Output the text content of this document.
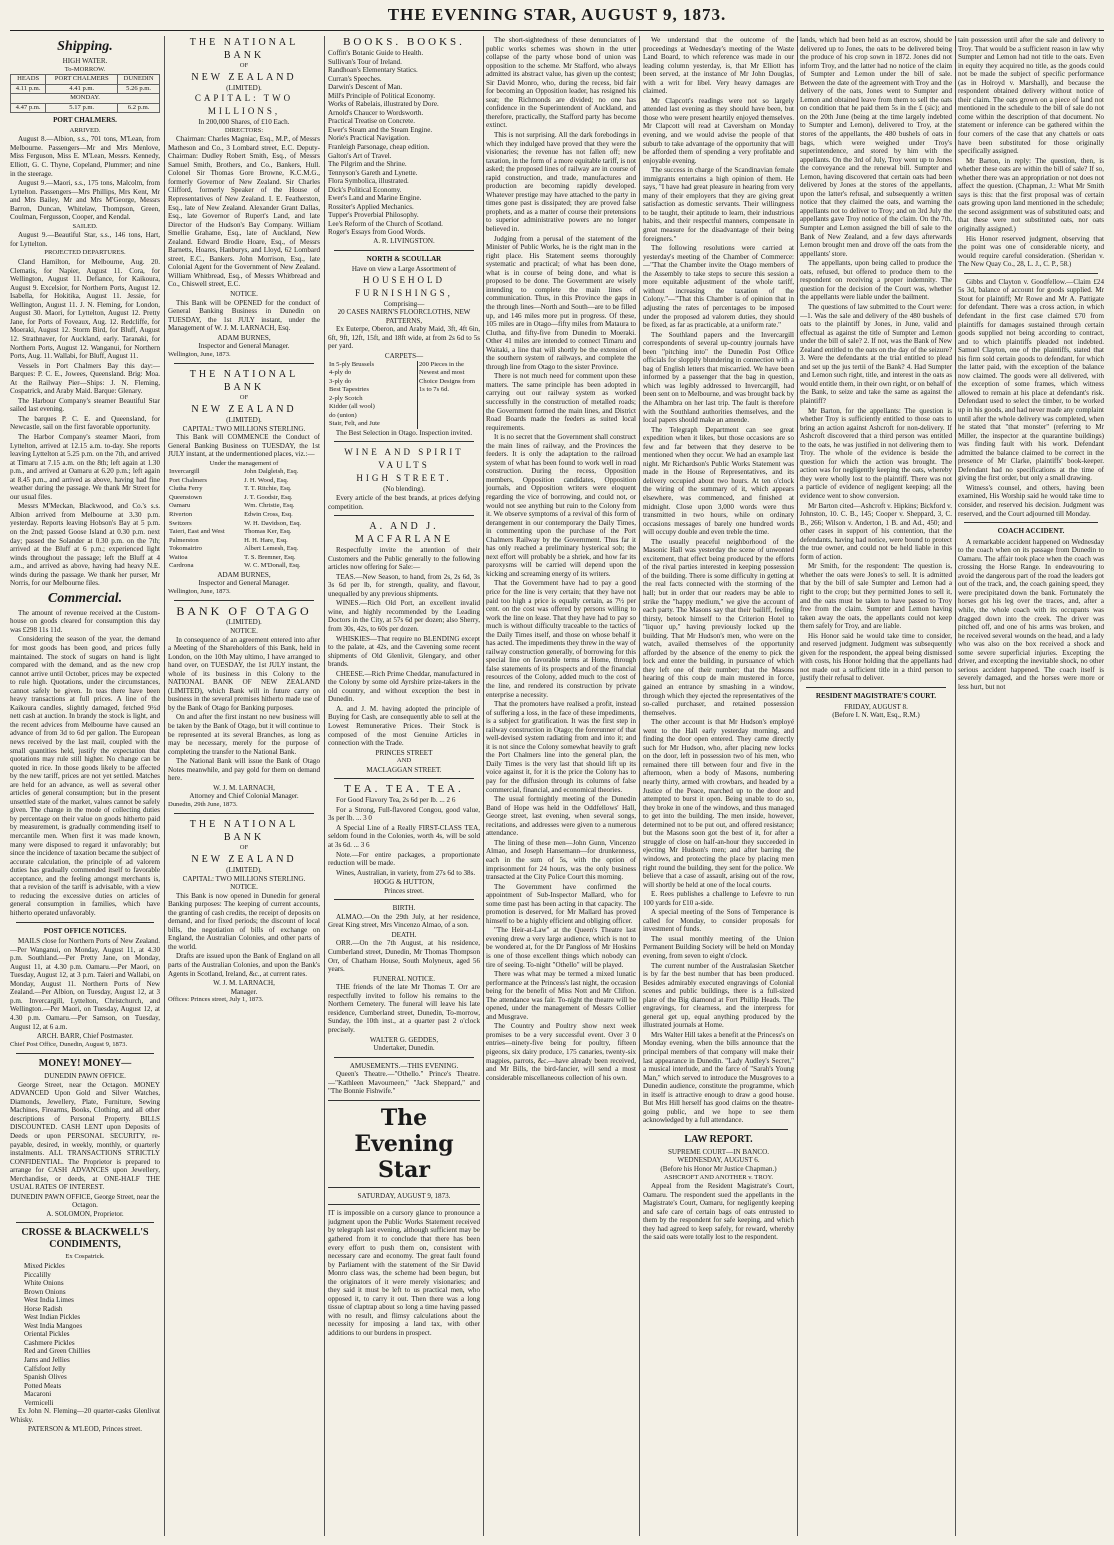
THE EVENING STAR, AUGUST 9, 1873.
Shipping.
HIGH WATER.
To-MORROW.
HEADS	PORT CHALMERS	DUNEDIN
4.11 p.m.	4.41 p.m.	5.26 p.m.
MONDAY.		
4.47 p.m.	5.17 p.m.	6.2 p.m.
PORT CHALMERS.
ARRIVED.

August 8.—Albion, s.s., 701 tons, M'Lean, from Melbourne. Passengers—Mr and Mrs Menlove, Miss Ferguson, Miss E. M'Lean, Messrs. Kennedy, Elliott, G. C. Thyne, Copeland, Plummer; and nine in the steerage.

August 9.—Maori, s.s., 175 tons, Malcolm, from Lyttelton. Passengers—Mrs Phillips, Mrs Kent, Mr and Mrs Bailey, Mr and Mrs M'George, Messrs Barron, Duncan, Whitelaw, Thompson, Green, Coulman, Fergusson, Cooper, and Kendal.

SAILED.

August 9.—Beautiful Star, s.s., 146 tons, Hart, for Lyttelton.

PROJECTED DEPARTURES.

Cland Hamilton, for Melbourne, Aug. 20. Clematis, for Napier, August 11. Cora, for Wellington, August 11. Defiance, for Kaikoura, August 9. Excelsior, for Northern Ports, August 12. Isabella, for Hokitika, August 11. Jessie, for Wellington, August 11. J. N. Fleming, for London, August 30. Maori, for Lyttelton, August 12. Pretty Jane, for Ports of Foveaux, Aug. 12. Redcliffe, for Moeraki, August 12. Storm Bird, for Bluff, August 12. Strathnaver, for Auckland, early. Taranaki, for Northern Ports, August 12. Wanganui, for Northern Ports, Aug. 11. Wallabi, for Bluff, August 11.

Vessels in Port Chalmers Bay this day:—Barques: P. C. E., Jowees, Queensland. Brig: Moa. At the Railway Pier—Ships: J. N. Fleming, Cospatrick, and Araby Maid. Barque: Glenary.

The Harbour Company's steamer Beautiful Star sailed last evening.

The barques P. C. E. and Queensland, for Newcastle, sail on the first favorable opportunity.

The Harbor Company's steamer Maori, from Lyttelton, arrived at 12.15 a.m. to-day. She reports leaving Lyttelton at 5.25 p.m. on the 7th, and arrived at Timaru at 7.15 a.m. on the 8th; left again at 1.30 p.m., and arrived at Oamaru at 6.20 p.m.; left again at 8.45 p.m., and arrived as above, having had fine weather during the passage. We thank Mr Street for our usual files.

Messrs M'Meckan, Blackwood, and Co.'s s.s. Albion arrived from Melbourne at 3.30 p.m. yesterday. Reports leaving Hobson's Bay at 5 p.m. on the 2nd; passed Goose Island at 0.30 p.m. next day; passed the Solander at 0.30 p.m. on the 7th; arrived at the Bluff at 6 p.m.; experienced light winds throughout the passage; left the Bluff at 4 a.m., and arrived as above, having had heavy N.E. winds during the passage. We thank her purser, Mr Norris, for our Melbourne files.

Commercial.

The amount of revenue received at the Custom-house on goods cleared for consumption this day was £298 11s 11d.

Considering the season of the year, the demand for most goods has been good, and prices fully maintained. The stock of sugars on hand is light compared with the demand, and as the new crop cannot arrive until October, prices may be expected to rule high. Quotations, under the circumstances, cannot safely be given. In teas there have been heavy transactions at full prices. A line of the Kaikoura candles, slightly damaged, fetched 9½d nett cash at auction. In brandy the stock is light, and the recent advices from Melbourne have caused an advance of from 3d to 6d per gallon. The European news received by the last mail, coupled with the small quantities held, justify the expectation that quotations may rule still higher. No change can be quoted in rice. In those goods likely to be affected by the new tariff, prices are not yet settled. Matches are held for an advance, as well as several other articles of general consumption; but in the present unsettled state of the market, values cannot be safely given. The change in the mode of collecting duties by percentage on their value on goods hitherto paid by measurement, is gradually commending itself to mercantile men. When first it was made known, many were disposed to regard it unfavorably; but since the incidence of taxation became the subject of accurate calculation, the principle of ad valorem duties has gradually commended itself to favorable acceptance, and the feeling amongst merchants is, that a revision of the tariff is advisable, with a view to reducing the excessive duties on articles of general consumption in families, which have hitherto operated unfavorably.

POST OFFICE NOTICES.

MAILS close for Northern Ports of New Zealand.—Per Wanganui, on Monday, August 11, at 4.30 p.m. Southland.—Per Pretty Jane, on Monday, August 11, at 4.30 p.m. Oamaru.—Per Maori, on Tuesday, August 12, at 3 p.m. Taieri and Wallabi, on Monday, August 11. Northern Ports of New Zealand.—Per Albion, on Tuesday, August 12, at 3 p.m. Invercargill, Lyttelton, Christchurch, and Wellington.—Per Maori, on Tuesday, August 12, at 4.30 p.m. Oamaru.—Per Samson, on Tuesday, August 12, at 6 a.m.

ARCH. BARR, Chief Postmaster.
Chief Post Office, Dunedin, August 9, 1873.
MONEY! MONEY—
DUNEDIN PAWN OFFICE.

George Street, near the Octagon. MONEY ADVANCED Upon Gold and Silver Watches, Diamonds, Jewellery, Plate, Furniture, Sewing Machines, Firearms, Books, Clothing, and all other descriptions of Personal Property. BILLS DISCOUNTED. CASH LENT upon Deposits of Deeds or upon PERSONAL SECURITY, re-payable, desired, in weekly, monthly, or quarterly instalments. ALL TRANSACTIONS STRICTLY CONFIDENTIAL. The Proprietor is prepared to arrange for CASH ADVANCES upon Jewellery, Merchandise, or deeds, at ONE-HALF THE USUAL RATES OF INTEREST.

DUNEDIN PAWN OFFICE, George Street, near the Octagon.
A. SOLOMON, Proprietor.
CROSSE & BLACKWELL'S CONDIMENTS,
Ex Cospatrick.
Mixed Pickles
Piccalilly
White Onions
Brown Onions
West India Limes
Horse Radish
West Indian Pickles
West India Mangoes
Oriental Pickles
Cashmere Pickles
Red and Green Chillies
Jams and Jellies
Calfsfoot Jelly
Spanish Olives
Potted Meats
Macaroni
Vermicelli

Ex John N. Fleming—20 quarter-casks Glenlivat Whisky.

PATERSON & M'LEOD, Princes street.
THE NATIONAL BANK
OF
NEW ZEALAND
(LIMITED).
CAPITAL: TWO MILLIONS,
In 200,000 Shares, of £10 Each.
DIRECTORS:

Chairman: Charles Magniac, Esq., M.P., of Messrs Matheson and Co., 3 Lombard street, E.C. Deputy-Chairman: Dudley Robert Smith, Esq., of Messrs Samuel Smith, Brothers, and Co., Bankers, Hull. Colonel Sir Thomas Gore Browne, K.C.M.G., formerly Governor of New Zealand. Sir Charles Clifford, formerly Speaker of the House of Representatives of New Zealand. I. E. Featherston, Esq., late of New Zealand. Alexander Grant Dallas, Esq., late Governor of Rupert's Land, and late Director of the Hudson's Bay Company. William Smellie Grahame, Esq., late of Auckland, New Zealand. Edward Brodie Hoare, Esq., of Messrs Barnetts, Hoares, Hanburys, and Lloyd, 62 Lombard street, E.C., Bankers. John Morrison, Esq., late Colonial Agent for the Government of New Zealand. William Whitbread, Esq., of Messrs Whitbread and Co., Chiswell street, E.C.

NOTICE.

This Bank will be OPENED for the conduct of General Banking Business in Dunedin on TUESDAY, the 1st JULY instant, under the Management of W. J. M. LARNACH, Esq.

ADAM BURNES,
Inspector and General Manager.
Wellington, June, 1873.
THE NATIONAL BANK
OF
NEW ZEALAND
(LIMITED).
CAPITAL: TWO MILLIONS STERLING.

This Bank will COMMENCE the Conduct of General Banking Business on TUESDAY, the 1st JULY instant, at the undermentioned places, viz.:—

Under the management of
Invercargill	John Dalgleish, Esq.
Port Chalmers	J. H. Wood, Esq.
Clutha Ferry	T. T. Ritchie, Esq.
Queenstown	J. T. Goodsir, Esq.
Oamaru	Wm. Christie, Esq.
Riverton	Edwin Cross, Esq.
Switzers	W. H. Davidson, Esq.
Taieri, East and West	Thomas Ker, Esq.
Palmerston	H. H. Hare, Esq.
Tokomairiro	Albert Lemesh, Esq.
Waitoa	T. S. Bremner, Esq.
Cardrona	W. C. M'Donall, Esq.
ADAM BURNES,
Inspector and General Manager.
Wellington, June, 1873.
BANK OF OTAGO
(LIMITED).
NOTICE.

In consequence of an agreement entered into after a Meeting of the Shareholders of this Bank, held in London, on the 10th May ultimo, I have arranged to hand over, on TUESDAY, the 1st JULY instant, the whole of its business in this Colony to the NATIONAL BANK OF NEW ZEALAND (LIMITED), which Bank will in future carry on business in the several premises hitherto made use of by the Bank of Otago for Banking purposes.

On and after the first instant no new business will be taken by the Bank of Otago, but it will continue to be represented at its several Branches, as long as may be necessary, merely for the purpose of completing the transfer to the National Bank.

The National Bank will issue the Bank of Otago Notes meanwhile, and pay gold for them on demand here.

W. J. M. LARNACH,
Attorney and Chief Colonial Manager.
Dunedin, 29th June, 1873.
THE NATIONAL BANK
OF
NEW ZEALAND
(LIMITED).
CAPITAL: TWO MILLIONS STERLING.
NOTICE.

This Bank is now opened in Dunedin for general Banking purposes: The keeping of current accounts, the granting of cash credits, the receipt of deposits on demand, and for fixed periods; the discount of local bills, the negotiation of bills of exchange on England, the Australian Colonies, and other parts of the world.

Drafts are issued upon the Bank of England on all parts of the Australian Colonies, and upon the Bank's Agents in Scotland, Ireland, &c., at current rates.

W. J. M. LARNACH,
Manager.
Offices: Princes street, July 1, 1873.
BOOKS. BOOKS.
Coffin's Botanic Guide to Health.
Sullivan's Tour of Ireland.
Randhoan's Elementary Statics.
Curran's Speeches.
Darwin's Descent of Man.
Mill's Principle of Political Economy.
Works of Rabelais, illustrated by Dore.
Arnold's Chaucer to Wordsworth.
Practical Treatise on Concrete.
Ewer's Steam and the Steam Engine.
Norie's Practical Navigation.
Franleigh Parsonage, cheap edition.
Galton's Art of Travel.
The Pilgrim and the Shrine.
Tennyson's Gareth and Lynette.
Flora Symbolica, illustrated.
Dick's Political Economy.
Ewer's Land and Marine Engine.
Rossiter's Applied Mechanics.
Tupper's Proverbial Philosophy.
Lee's Reform of the Church of Scotland.
Roger's Essays from Good Words.
A. R. LIVINGSTON.
NORTH & SCOULLAR
Have on view a Large Assortment of
HOUSEHOLD FURNISHINGS,
Comprising—
20 CASES NAIRN'S FLOORCLOTHS, NEW PATTERNS,

Ex Euterpe, Oberon, and Araby Maid, 3ft, 4ft 6in, 6ft, 9ft, 12ft, 15ft, and 18ft wide, at from 2s 6d to 5s per yard.

CARPETS—
In 5-ply Brussels
4-ply do
3-ply do
Best Tapestries
2-ply Scotch
Kidder (all wool)
do (union)
Stair, Felt, and Jute
	200 Pieces in the Newest and most Choice Designs from 1s to 7s 6d.
The Best Selection in Otago. Inspection invited.
WINE AND SPIRIT VAULTS
HIGH STREET.
(No blending).

Every article of the best brands, at prices defying competition.

A. AND J. MACFARLANE

Respectfully invite the attention of their Customers and the Public generally to the following articles now offering for Sale:—

TEAS.—New Season, to hand, from 2s, 2s 6d, 3s 3s 6d per lb, for strength, quality, and flavour, unequalled by any previous shipments.

WINES.—Rich Old Port, an excellent invalid wine, and highly recommended by the Leading Doctors in the City, at 57s 6d per dozen; also Sherry, from 30s, 42s, to 60s per dozen.

WHISKIES—That require no BLENDING except to the palate, at 42s, and the Cavening some recent shipments of Old Glenlivit, Glengary, and other brands.

CHEESE.—Rich Prime Cheddar, manufactured in the Colony by some old Ayrshire prize-takers in the old country, and without exception the best in Dunedin.

A. and J. M. having adopted the principle of Buying for Cash, are consequently able to sell at the Lowest Remunerative Prices. Their Stock is composed of the most Genuine Articles in connection with the Trade.

PRINCES STREET
AND
MACLAGGAN STREET.
TEA. TEA. TEA.

For Good Flavory Tea, 2s 6d per lb. ... 2 6

For a Strong, Full-flavored Congou, good value, 3s per lb. ... 3 0

A Special Line of a Really FIRST-CLASS TEA, seldom found in the Colonies, worth 4s, will be sold at 3s 6d. ... 3 6

Note.—For entire packages, a proportionate reduction will be made.

Wines, Australian, in variety, from 27s 6d to 38s.

HOGG & HUTTON,
Princes street.
BIRTH.

ALMAO.—On the 29th July, at her residence, Great King street, Mrs Vincenzo Almao, of a son.

DEATH.

ORR.—On the 7th August, at his residence, Cumberland street, Dunedin, Mr Thomas Thompson Orr, of Chatham House, South Molyneux, aged 56 years.

FUNERAL NOTICE.

THE friends of the late Mr Thomas T. Orr are respectfully invited to follow his remains to the Northern Cemetery. The funeral will leave his late residence, Cumberland street, Dunedin, To-morrow, Sunday, the 10th inst., at a quarter past 2 o'clock precisely.

WALTER G. GEDDES,
Undertaker, Dunedin.
AMUSEMENTS.—THIS EVENING.

Queen's Theatre.—"Othello." Prince's Theatre.—"Kathleen Mavourneen," "Jack Sheppard," and "The Bonnie Fishwife."

The Evening Star
SATURDAY, AUGUST 9, 1873.

IT is impossible on a cursory glance to pronounce a judgment upon the Public Works Statement received by telegraph last evening, although sufficient may be gathered from it to conclude that there has been every effort to push them on, consistent with necessary care and economy. The great fault found by Parliament with the statement of the Sir David Monro class was, the scheme had been begun, but the originators of it were merely visionaries; and they said it must be left to us practical men, who opposed it, to carry it out. Then there was a long tissue of claptrap about so long a time having passed with no result, and flimsy calculations about the necessity for imposing a land tax, with other additions to our burdens in prospect.

The short-sightedness of these denunciators of public works schemes was shown in the utter collapse of the party whose bond of union was opposition to the scheme. Mr Stafford, who always admitted its abstract value, has given up the contest; Sir David Monro, who, during the recess, bid fair for becoming an Opposition leader, has resigned his seat; the Richmonds are divided; no one has confidence in the Superintendent of Auckland, and therefore, practically, the Stafford party has become extinct.

This is not surprising. All the dark forebodings in which they indulged have proved that they were the visionaries; the revenue has not fallen off; new taxation, in the form of a more equitable tariff, is not asked; the proposed lines of railway are in course of rapid construction, and trade, manufactures and production are becoming rapidly developed. Whatever prestige may have attached to the party in times gone past is dissipated; they are proved false prophets, and as a matter of course their pretensions to superior administrative powers are no longer believed in.

Judging from a perusal of the statement of the Minister of Public Works, he is the right man in the right place. His Statement seems thoroughly systematic and practical; of what has been done, what is in course of being done, and what is proposed to be done. The Government are wisely intending to complete the main lines of communication. Thus, in this Province the gaps in the through lines—North and South—are to be filled up, and 146 miles more put in progress. Of these, 105 miles are in Otago—fifty miles from Mataura to Clutha, and fifty-five from Dunedin to Moeraki. Other 41 miles are intended to connect Timaru and Waitaki, a line that will shortly be the extension of the southern system of railways, and complete the through line from Otago to the sister Province.

There is not much need for comment upon these matters. The same principle has been adopted in carrying out our railway system as worked successfully in the construction of metalled roads; the Government formed the main lines, and District Road Boards made the feeders as suited local requirements.

It is no secret that the Government shall construct the main lines of railway, and the Provinces the feeders. It is only the adaptation to the railroad system of what has been found to work well in road construction. During the recess, Opposition members, Opposition candidates, Opposition journals, and Opposition writers were eloquent regarding the vice of borrowing, and could not, or would not see anything but ruin to the Colony from it. We observe symptoms of a revival of this form of derangement in our contemporary the Daily Times, in commenting upon the purchase of the Port Chalmers Railway by the Government. Thus far it has only reached a preliminary hysterical sob; the next effort will probably be a shriek, and how far its paroxysms will be carried will depend upon the kicking and screaming energy of its writers.

That the Government have had to pay a good price for the line is very certain; that they have not paid too high a price is equally certain, as 7½ per cent. on the cost was offered by persons willing to work the line on lease. That they have had to pay so much is without difficulty traceable to the tactics of the Daily Times itself, and those on whose behalf it has acted. The impediments they threw in the way of railway construction generally, of borrowing for this special line on favorable terms at Home, through false statements of its prospects and of the financial resources of the Colony, added much to the cost of the line, and rendered its construction by private enterprise a necessity.

That the promoters have realised a profit, instead of suffering a loss, in the face of these impediments, is a subject for gratification. It was the first step in railway construction in Otago; the forerunner of that well-devised system radiating from and into it; and it is not since the Colony somewhat heavily to graft the Port Chalmers line into the general plan, the Daily Times is the very last that should lift up its voice against it, for it is the price the Colony has to pay for the diffusion through its columns of false commercial, financial, and economical theories.

The usual fortnightly meeting of the Dunedin Band of Hope was held in the Oddfellows' Hall, George street, last evening, when several songs, recitations, and addresses were given to a numerous attendance.

The lining of these men—John Gunn, Vincenzo Almao, and Joseph Hansemann—for drunkenness, each in the sum of 5s, with the option of imprisonment for 24 hours, was the only business transacted at the City Police Court this morning.

The Government have confirmed the appointment of Sub-Inspector Mallard, who for some time past has been acting in that capacity. The promotion is deserved, for Mr Mallard has proved himself to be a highly efficient and obliging officer.

"The Heir-at-Law" at the Queen's Theatre last evening drew a very large audience, which is not to be wondered at, for the Dr Pangloss of Mr Hoskins is one of those excellent things which nobody can tire of seeing. To-night "Othello" will be played.

There was what may be termed a mixed lunatic performance at the Princess's last night, the occasion being for the benefit of Miss Nott and Mr Clifton. The attendance was fair. To-night the theatre will be opened, under the management of Messrs Collier and Musgrave.

The Country and Poultry show next week promises to be a very successful event. Over 3 0 entries—ninety-five being for poultry, fifteen pigeons, six dairy produce, 175 canaries, twenty-six magpies, parrots, &c.—have already been received, and Mr Bills, the bird-fancier, will send a most considerable miscellaneous collection of his own.

We understand that the outcome of the proceedings at Wednesday's meeting of the Waste Land Board, to which reference was made in our leading column yesterday, is, that Mr Elliott has been served, at the instance of Mr John Douglas, with a writ for libel. Very heavy damages are claimed.

Mr Clapcott's readings were not so largely attended last evening as they should have been, but those who were present heartily enjoyed themselves. Mr Clapcott will read at Caversham on Monday evening, and we would advise the people of that suburb to take advantage of the opportunity that will be afforded them of spending a very profitable and enjoyable evening.

The success in charge of the Scandinavian female immigrants entertains a high opinion of them. He says, "I have had great pleasure in hearing from very many of their employers that they are giving great satisfaction as domestic servants. Their willingness to be taught, their aptitude to learn, their industrious habits, and their respectful manners, compensate in great measure for the disadvantage of their being foreigners."

The following resolutions were carried at yesterday's meeting of the Chamber of Commerce:—"That the Chamber invite the Otago members of the Assembly to take steps to secure this session a more equitable adjustment of the whole tariff, without increasing the taxation of the Colony."—"That this Chamber is of opinion that in adjusting the rates of percentages to be imposed under the proposed ad valorem duties, they should be fixed, as far as practicable, at a uniform rate."

The Southland papers and the Invercargill correspondents of several up-country journals have been "pitching into" the Dunedin Post Office officials for sloppily blundering in connection with a bag of English letters that miscarried. We have been informed by a passenger that the bag in question, which was legibly addressed to Invercargill, had been sent on to Melbourne, and was brought back by the Alhambra on her last trip. The fault is therefore with the Southland authorities themselves, and the local papers should make an amende.

The Telegraph Department can see great expedition when it likes, but those occasions are so few and far between that they deserve to be mentioned when they occur. We had an example last night. Mr Richardson's Public Works Statement was made in the House of Representatives, and its delivery occupied about two hours. At ten o'clock the wiring of the summary of it, which appears elsewhere, was commenced, and finished at midnight. Close upon 3,000 words were thus transmitted in two hours, while on ordinary occasions messages of barely one hundred words will occupy double and even treble the time.

The usually peaceful neighborhood of the Masonic Hall was yesterday the scene of unwonted excitement, that effect being produced by the efforts of the rival parties interested in keeping possession of the building. There is some difficulty in getting at the real facts connected with the storming of the hall; but in order that our readers may be able to strike the "happy medium," we give the account of each party. The Masons say that their bailiff, feeling thirsty, betook himself to the Criterion Hotel to "liquor up," having previously locked up the building. That Mr Hudson's men, who were on the watch, availed themselves of the opportunity afforded by the absence of the enemy to pick the lock and enter the building, in pursuance of which they left one of their number; that the Masons hearing of this coup de main mustered in force, gained an entrance by smashing in a window, through which they ejected the representatives of the so-called purchaser, and retained possession themselves.

The other account is that Mr Hudson's employé went to the Hall early yesterday morning, and finding the door open entered. They came directly such for Mr Hudson, who, after placing new locks on the door, left in possession two of his men, who remained there till between four and five in the afternoon, when a body of Masons, numbering nearly thirty, armed with crowbars, and headed by a Justice of the Peace, marched up to the door and attempted to burst it open. Being unable to do so, they broke in one of the windows, and thus managed to get into the building. The men inside, however, determined not to be put out, and offered resistance; but the Masons soon got the best of it, for after a struggle of close on half-an-hour they succeeded in ejecting Mr Hudson's men; and after barring the windows, and protecting the place by placing men right round the building, they sent for the police. We believe that a case of assault, arising out of the row, will shortly be held at one of the local courts.

E. Rees publishes a challenge to Lefevre to run 100 yards for £10 a-side.

A special meeting of the Sons of Temperance is called for Monday, to consider proposals for investment of funds.

The usual monthly meeting of the Union Permanent Building Society will be held on Monday evening, from seven to eight o'clock.

The current number of the Australasian Sketcher is by far the best number that has been produced. Besides admirably executed engravings of Colonial scenes and public buildings, there is a full-sized plate of the Big diamond at Fort Phillip Heads. The engravings, for clearness, and the interpress for general get up, equal anything produced by the illustrated journals at Home.

Mrs Walter Hill takes a benefit at the Princess's on Monday evening, when the bills announce that the principal members of that company will make their last appearance in Dunedin. "Lady Audley's Secret," a musical interlude, and the farce of "Sarah's Young Man," which served to introduce the Musgroves to a Dunedin audience, constitute the programme, which in itself is attractive enough to draw a good house. But Mrs Hill herself has good claims on the theatre-going public, and we hope to see them acknowledged by a full attendance.

LAW REPORT.
SUPREME COURT—IN BANCO.
WEDNESDAY, AUGUST 6.
(Before his Honor Mr Justice Chapman.)
ASHCROFT AND ANOTHER v. TROY.

Appeal from the Resident Magistrate's Court, Oamaru. The respondent sued the appellants in the Magistrate's Court, Oamaru, for negligently keeping and safe care of certain bags of oats entrusted to them by the respondent for safe keeping, and which they had agreed to keep safely, for reward, whereby the said oats were totally lost to the respondent.

lands, which had been held as an escrow, should be delivered up to Jones, the oats to be delivered being the produce of his crop sown in 1872. Jones did not inform Troy, and the latter had no notice of the claim of Sumpter and Lemon under the bill of sale. Between the date of the agreement with Troy and the delivery of the oats, Jones went to Sumpter and Lemon and obtained leave from them to sell the oats on condition that he paid them 5s in the £ (sic); and on the 20th June (being at the time largely indebted to Sumpter and Lemon), delivered to Troy, at the stores of the appellants, the 480 bushels of oats in bags, which were weighed under Troy's superintendence, and stored by him with the appellants. On the 3rd of July, Troy went up to Jones the conveyance and the renewal bill. Sumpter and Lemon, having discovered that certain oats had been delivered by Jones at the stores of the appellants, upon the latter's refusal, and subsequently a written notice that they claimed the oats, and warning the appellants not to deliver to Troy; and on 3rd July the appellants gave Troy notice of the claim. On the 7th, Sumpter and Lemon assigned the bill of sale to the Bank of New Zealand, and a few days afterwards Lemon brought men and drove off the oats from the appellants' store.

The appellants, upon being called to produce the oats, refused, but offered to produce them to the respondent on receiving a proper indemnity. The question for the decision of the Court was, whether the appellants were liable under the bailment.

The questions of law submitted to the Court were:—1. Was the sale and delivery of the 480 bushels of oats to the plaintiff by Jones, in June, valid and effectual as against the title of Sumpter and Lemon under the bill of sale? 2. If not, was the Bank of New Zealand entitled to the oats on the day of the seizure? 3. Were the defendants at the trial entitled to plead and set up the jus tertii of the Bank? 4. Had Sumpter and Lemon such right, title, and interest in the oats as would entitle them, in their own right, or on behalf of the Bank, to seize and take the same as against the plaintiff?

Mr Barton, for the appellants: The question is whether Troy is sufficiently entitled to those oats to bring an action against Ashcroft for non-delivery. If Ashcroft discovered that a third person was entitled to the oats, he was justified in not delivering them to Troy. The whole of the evidence is beside the question for which the action was brought. The action was for negligently keeping the oats, whereby they were wholly lost to the plaintiff. There was not a particle of evidence of negligent keeping; all the evidence went to show conversion.

Mr Barton cited—Ashcroft v. Hipkins; Bickford v. Johnston, 10. C. B., 145; Cooper v. Sheppard, 3, C. B., 266; Wilson v. Anderton, 1 B. and Ad., 450; and other cases in support of his contention, that the defendants, having had notice, were bound to protect the true owner, and could not be held liable in this form of action.

Mr Smith, for the respondent: The question is, whether the oats were Jones's to sell. It is admitted that by the bill of sale Sumpter and Lemon had a right to the crop; but they permitted Jones to sell it, and the oats must be taken to have passed to Troy free from the claim. Sumpter and Lemon having taken away the oats, the appellants could not keep them safely for Troy, and are liable.

His Honor said he would take time to consider, and reserved judgment. Judgment was subsequently given for the respondent, the appeal being dismissed with costs, his Honor holding that the appellants had not made out a sufficient title in a third person to justify their refusal to deliver.

RESIDENT MAGISTRATE'S COURT.
FRIDAY, AUGUST 8.
(Before I. N. Watt, Esq., R.M.)

tain possession until after the sale and delivery to Troy. That would be a sufficient reason in law why Sumpter and Lemon had not title to the oats. Even in equity they acquired no title, as the goods could not be made the subject of specific performance (as in Holroyd v. Marshall), and because the respondent obtained delivery without notice of their claim. The oats grown on a piece of land not mentioned in the schedule to the bill of sale do not come within the description of that document. No statement or inference can be gathered within the four corners of the case that any chattels or oats have been substituted for those originally specifically assigned.

Mr Barton, in reply: The question, then, is whether these oats are within the bill of sale? If so, whether there was an appropriation or not does not affect the question. (Chapman, J.: What Mr Smith says is this: that the first proposal was of certain oats growing upon land mentioned in the schedule; the second assignment was of substituted oats; and that these were not substituted oats, nor oats originally assigned.)

His Honor reserved judgment, observing that the point was one of considerable nicety, and would require careful consideration. (Sheridan v. The New Quay Co., 28, L. J., C. P., 58.)

Gibbs and Clayton v. Goodfellow.—Claim £24 5s 3d, balance of account for goods supplied. Mr Stout for plaintiff; Mr Rowe and Mr A. Pattigate for defendant. There was a cross action, in which defendant in the first case claimed £70 from plaintiffs for damages sustained through certain goods supplied not being according to contract, and to which plaintiffs pleaded not indebted. Samuel Clayton, one of the plaintiffs, stated that his firm sold certain goods to defendant, for which the latter paid, with the exception of the balance now claimed. The goods were all delivered, with the exception of some frames, which witness allowed to remain at his place at defendant's risk. Defendant used to select the timber, to be worked up in his goods, and had never made any complaint until after the whole delivery was completed, when he stated that "that monster" (referring to Mr Miller, the inspector at the quarantine buildings) was finding fault with his work. Defendant admitted the balance claimed to be correct in the presence of Mr Clarke, plaintiffs' book-keeper. Defendant had no specifications at the time of giving the first order, but only a small drawing.

Witness's counsel, and others, having been examined, His Worship said he would take time to consider, and reserved his decision. Judgment was reserved, and the Court adjourned till Monday.

COACH ACCIDENT.

A remarkable accident happened on Wednesday to the coach when on its passage from Dunedin to Oamaru. The affair took place when the coach was crossing the Horse Range. In endeavouring to avoid the dangerous part of the road the leaders got out of the track, and, the coach gaining speed, they were precipitated down the bank. Fortunately the horses got his leg over the traces, and, after a while, the whole coach with its occupants was dragged down into the creek. The driver was pitched off, and one of his arms was broken, and he received several wounds on the head, and a lady who was also on the box received a shock and some severe superficial injuries. Excepting the driver, and excepting the inevitable shock, no other serious accident happened. The coach itself is severely damaged, and the horses were more or less hurt, but not
